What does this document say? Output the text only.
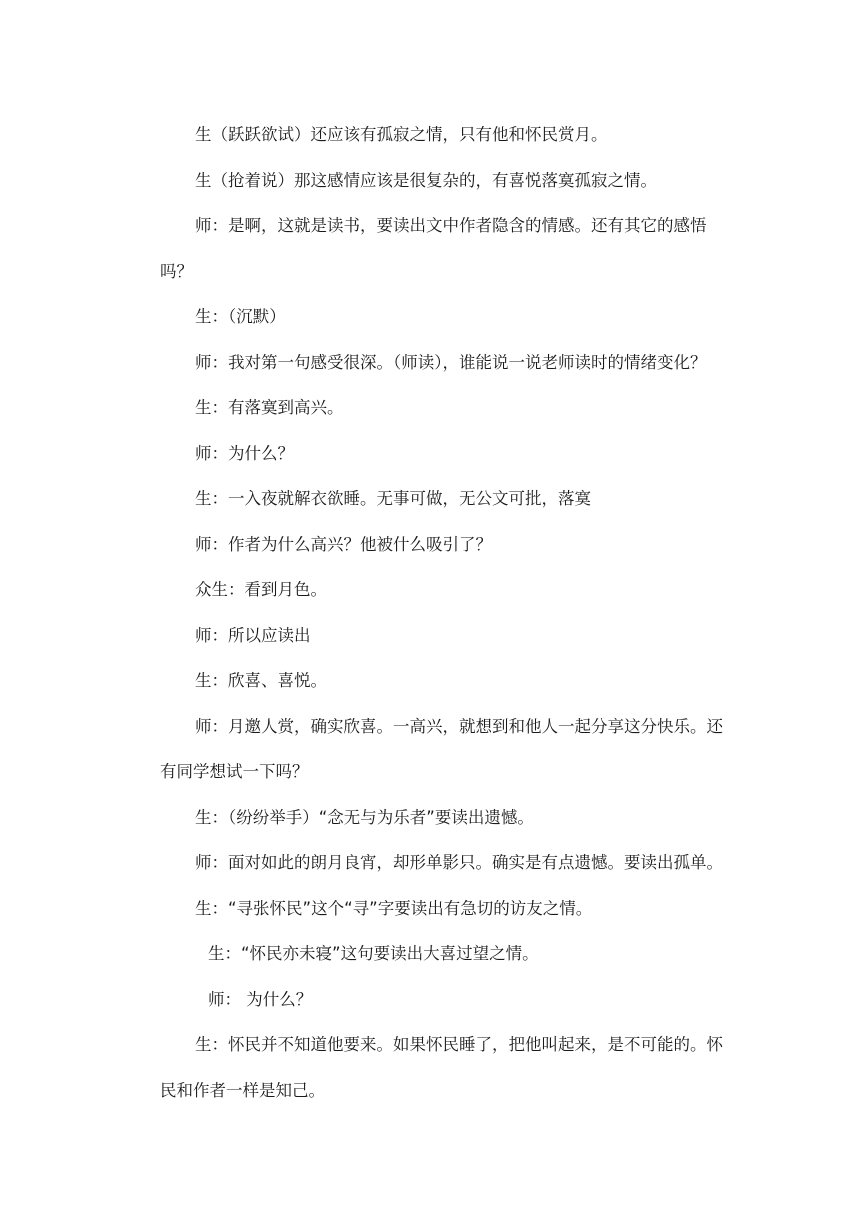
生（跃跃欲试）还应该有孤寂之情，只有他和怀民赏月。

生（抢着说）那这感情应该是很复杂的，有喜悦落寞孤寂之情。

师：是啊，这就是读书，要读出文中作者隐含的情感。还有其它的感悟吗？

生：（沉默）

师：我对第一句感受很深。（师读），谁能说一说老师读时的情绪变化？

生：有落寞到高兴。

师：为什么？

生：一入夜就解衣欲睡。无事可做，无公文可批，落寞

师：作者为什么高兴？他被什么吸引了？

众生：看到月色。

师：所以应读出

生：欣喜、喜悦。

师：月邀人赏，确实欣喜。一高兴，就想到和他人一起分享这分快乐。还有同学想试一下吗？

生：（纷纷举手）“念无与为乐者”要读出遗憾。

师：面对如此的朗月良宵，却形单影只。确实是有点遗憾。要读出孤单。

生：“寻张怀民”这个“寻”字要读出有急切的访友之情。

生：“怀民亦未寝”这句要读出大喜过望之情。

师： 为什么？

生：怀民并不知道他要来。如果怀民睡了，把他叫起来，是不可能的。怀民和作者一样是知己。
